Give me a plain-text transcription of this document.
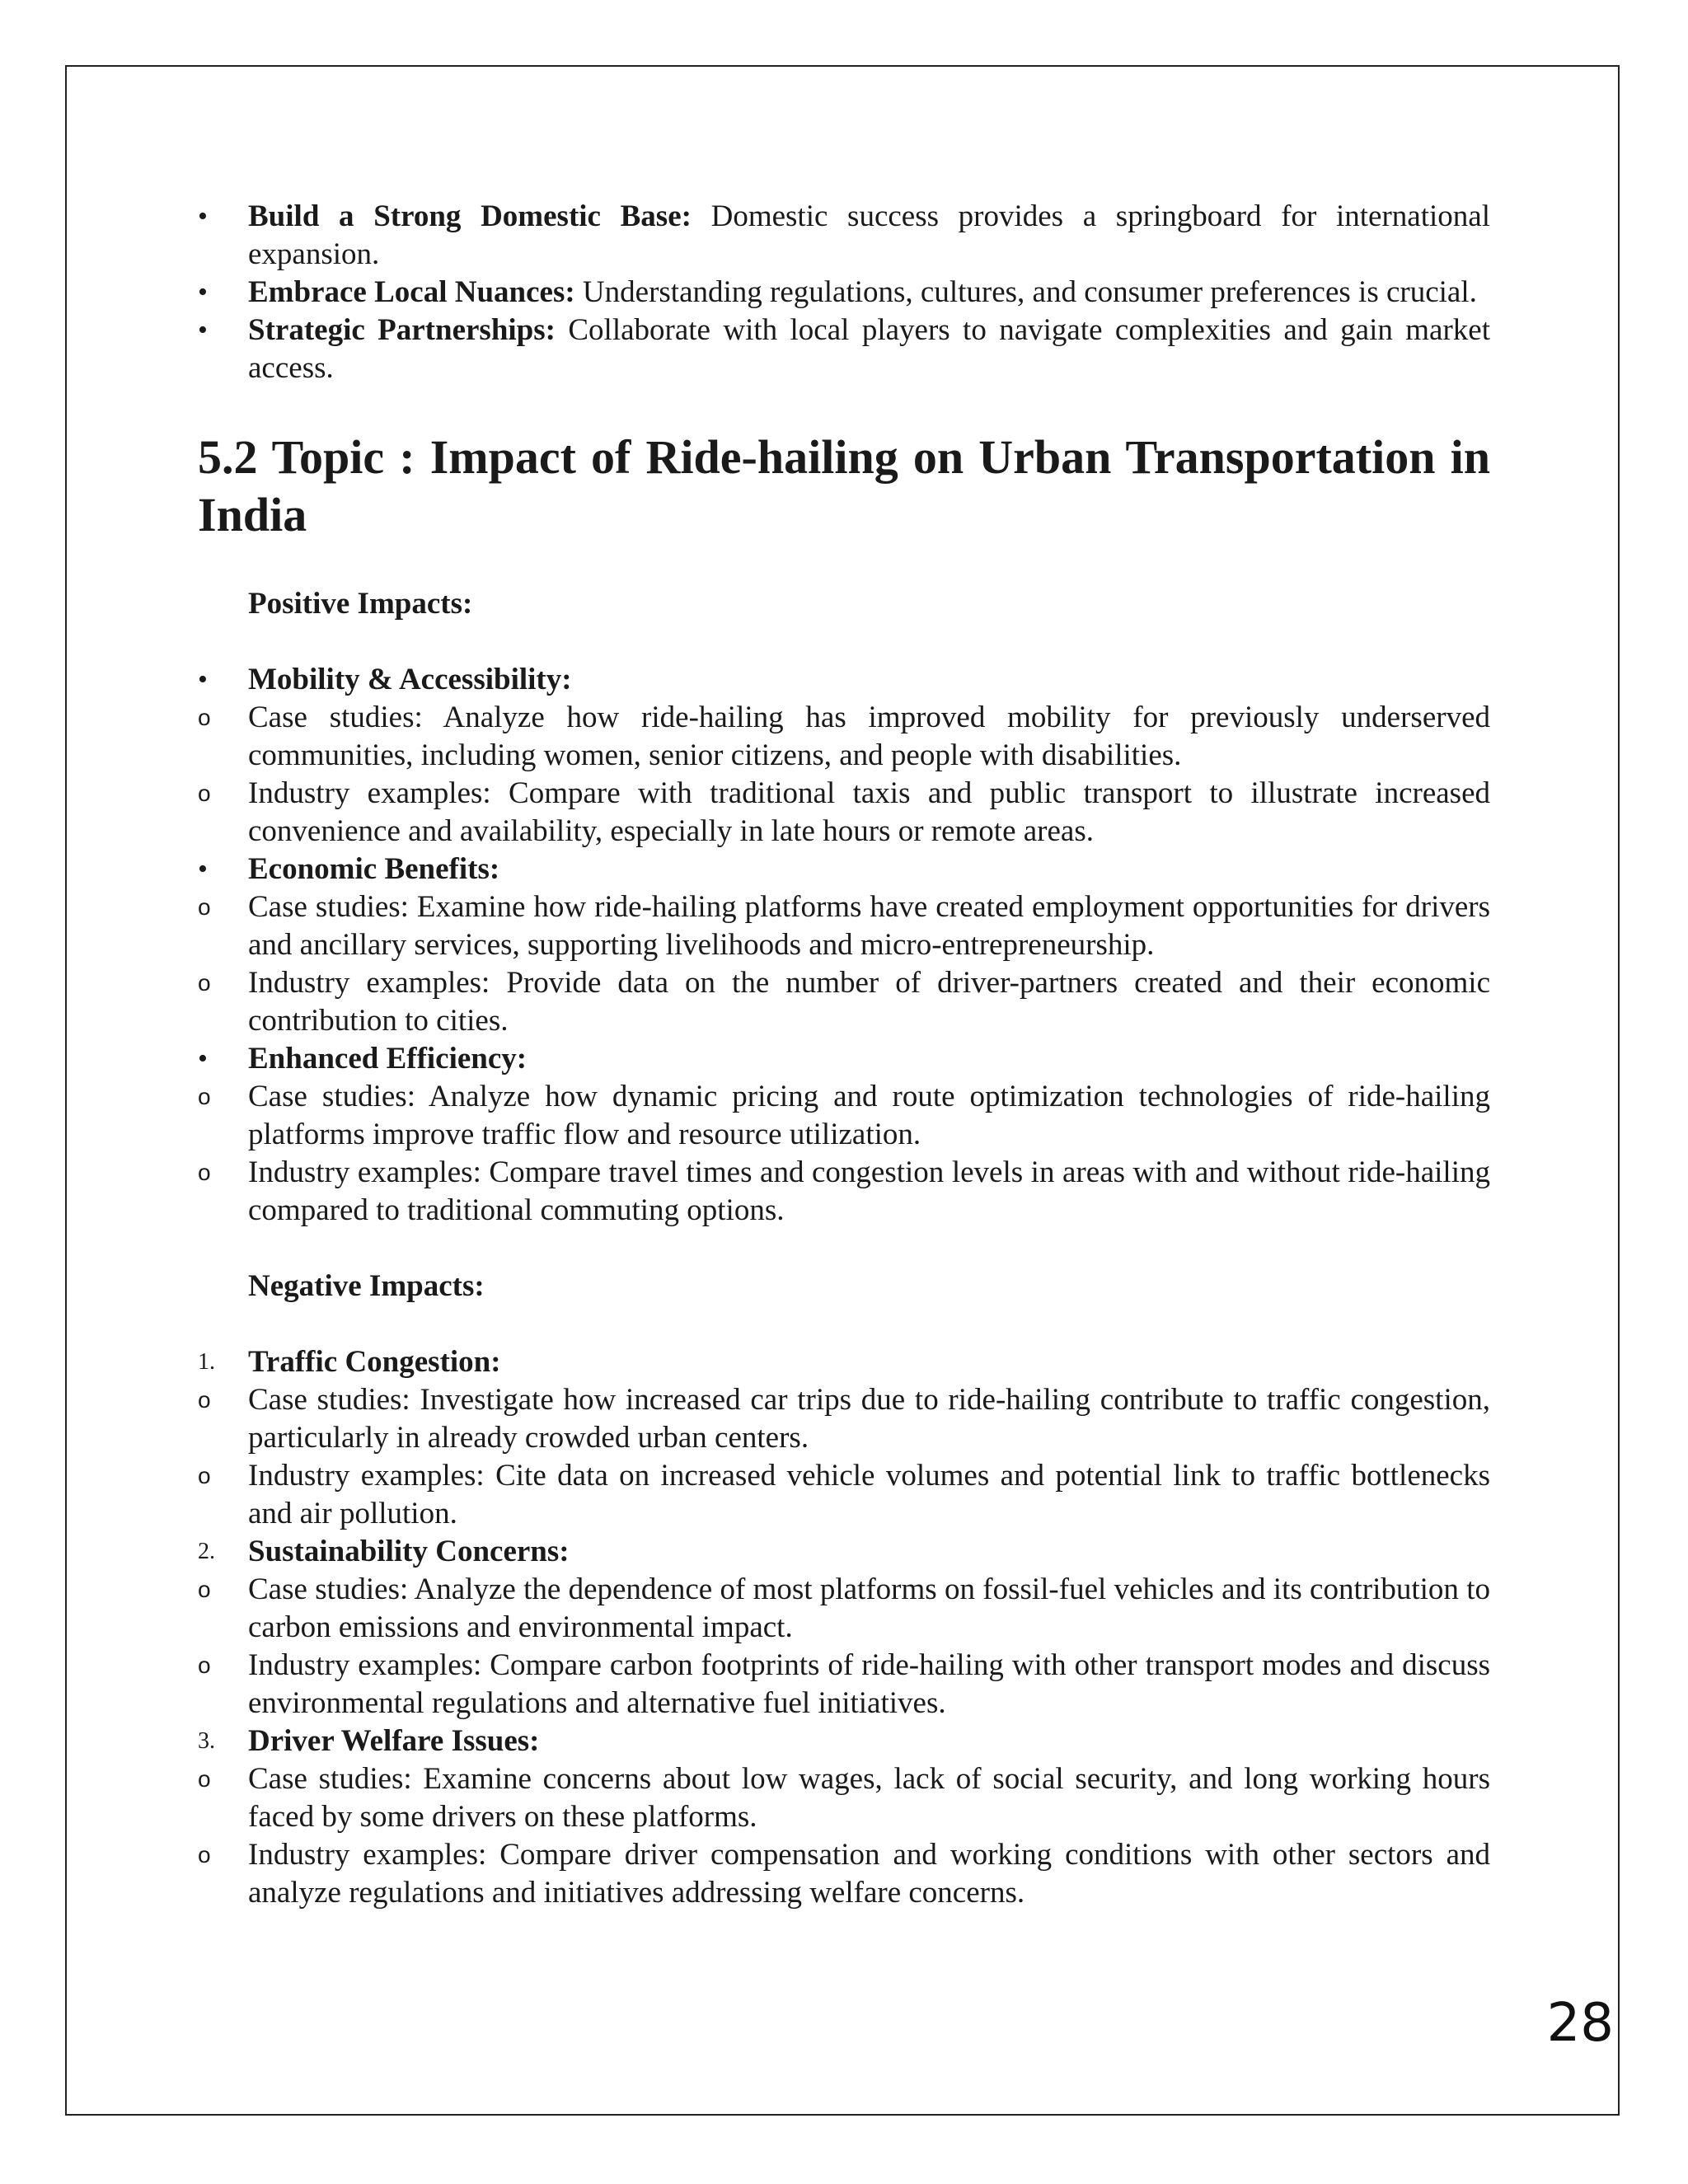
•	Build a Strong Domestic Base: Domestic success provides a springboard for international expansion.
•	Embrace Local Nuances: Understanding regulations, cultures, and consumer preferences is crucial.
•	Strategic Partnerships: Collaborate with local players to navigate complexities and gain market access.
5.2 Topic : Impact of Ride-hailing on Urban Transportation in India
Positive Impacts:
•	Mobility & Accessibility:
o	Case studies: Analyze how ride-hailing has improved mobility for previously underserved communities, including women, senior citizens, and people with disabilities.
o	Industry examples: Compare with traditional taxis and public transport to illustrate increased convenience and availability, especially in late hours or remote areas.
•	Economic Benefits:
o	Case studies: Examine how ride-hailing platforms have created employment opportunities for drivers and ancillary services, supporting livelihoods and micro-entrepreneurship.
o	Industry examples: Provide data on the number of driver-partners created and their economic contribution to cities.
•	Enhanced Efficiency:
o	Case studies: Analyze how dynamic pricing and route optimization technologies of ride-hailing platforms improve traffic flow and resource utilization.
o	Industry examples: Compare travel times and congestion levels in areas with and without ride-hailing compared to traditional commuting options.
Negative Impacts:
1.	Traffic Congestion:
o	Case studies: Investigate how increased car trips due to ride-hailing contribute to traffic congestion, particularly in already crowded urban centers.
o	Industry examples: Cite data on increased vehicle volumes and potential link to traffic bottlenecks and air pollution.
2.	Sustainability Concerns:
o	Case studies: Analyze the dependence of most platforms on fossil-fuel vehicles and its contribution to carbon emissions and environmental impact.
o	Industry examples: Compare carbon footprints of ride-hailing with other transport modes and discuss environmental regulations and alternative fuel initiatives.
3.	Driver Welfare Issues:
o	Case studies: Examine concerns about low wages, lack of social security, and long working hours faced by some drivers on these platforms.
o	Industry examples: Compare driver compensation and working conditions with other sectors and analyze regulations and initiatives addressing welfare concerns.
28
